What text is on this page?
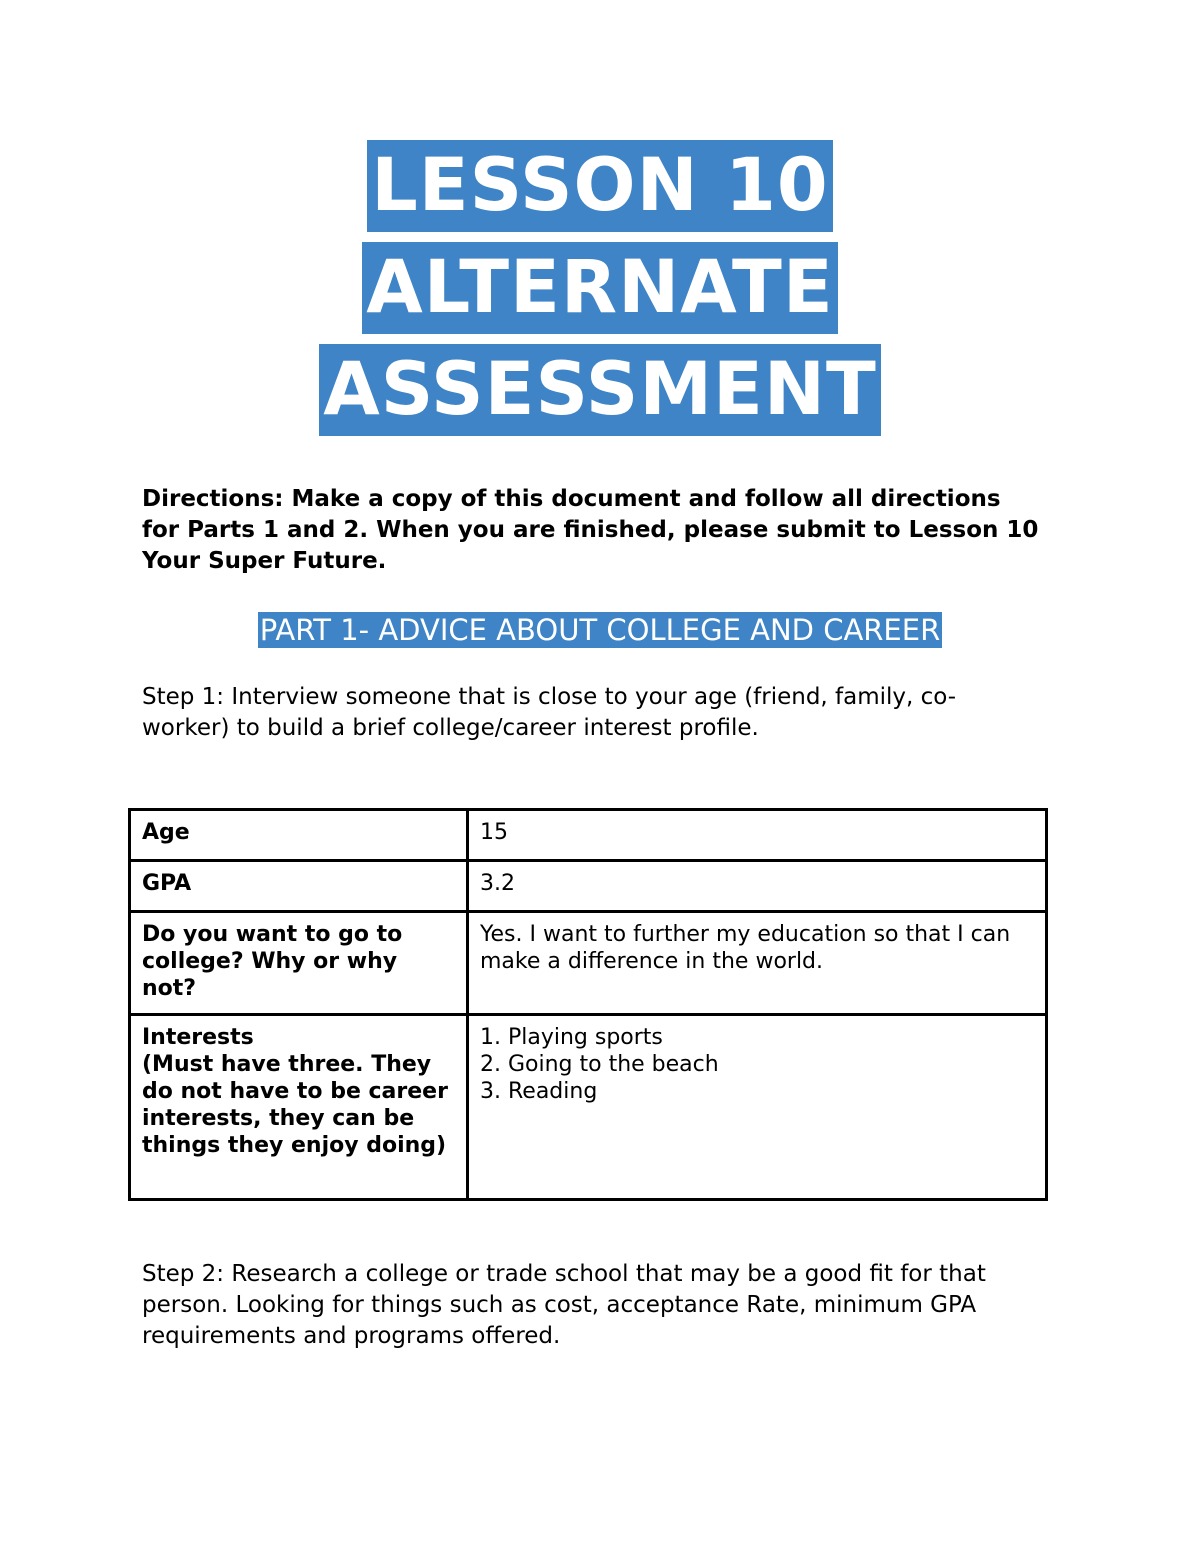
LESSON 10
ALTERNATE
ASSESSMENT

Directions: Make a copy of this document and follow all directions for Parts 1 and 2. When you are finished, please submit to Lesson 10 Your Super Future.

PART 1- ADVICE ABOUT COLLEGE AND CAREER

Step 1: Interview someone that is close to your age (friend, family, co-worker) to build a brief college/career interest profile.

Age	15
GPA	3.2
Do you want to go to college? Why or why not?	Yes. I want to further my education so that I can make a difference in the world.

Interests
(Must have three. They do not have to be career interests, they can be things they enjoy doing)	1. Playing sports
2. Going to the beach
3. Reading

Step 2: Research a college or trade school that may be a good fit for that person. Looking for things such as cost, acceptance Rate, minimum GPA requirements and programs offered.
